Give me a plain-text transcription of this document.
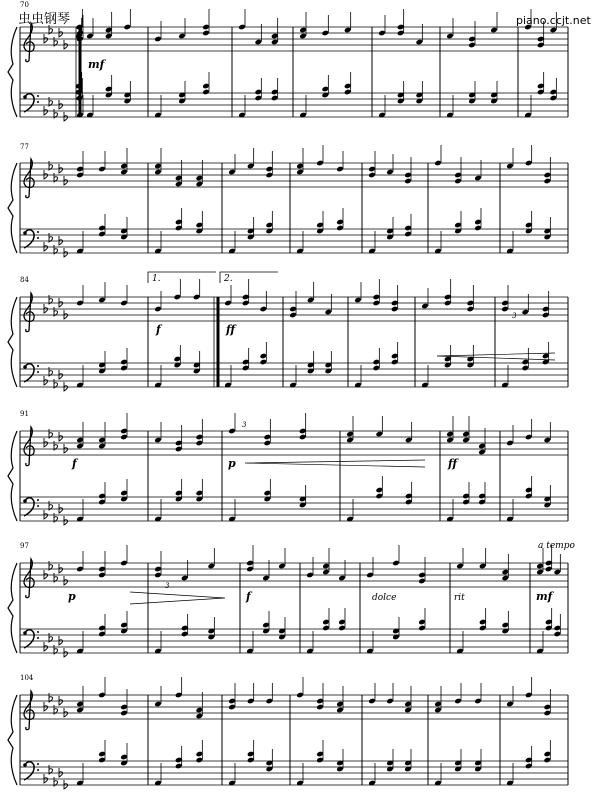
虫虫钢琴	piano.ccjt.net
70
mf
77
84	1.	2.
f	ff
3
91
f	p	ff
3
97	a tempo
p
3
f	dolce	rit	mf
104
